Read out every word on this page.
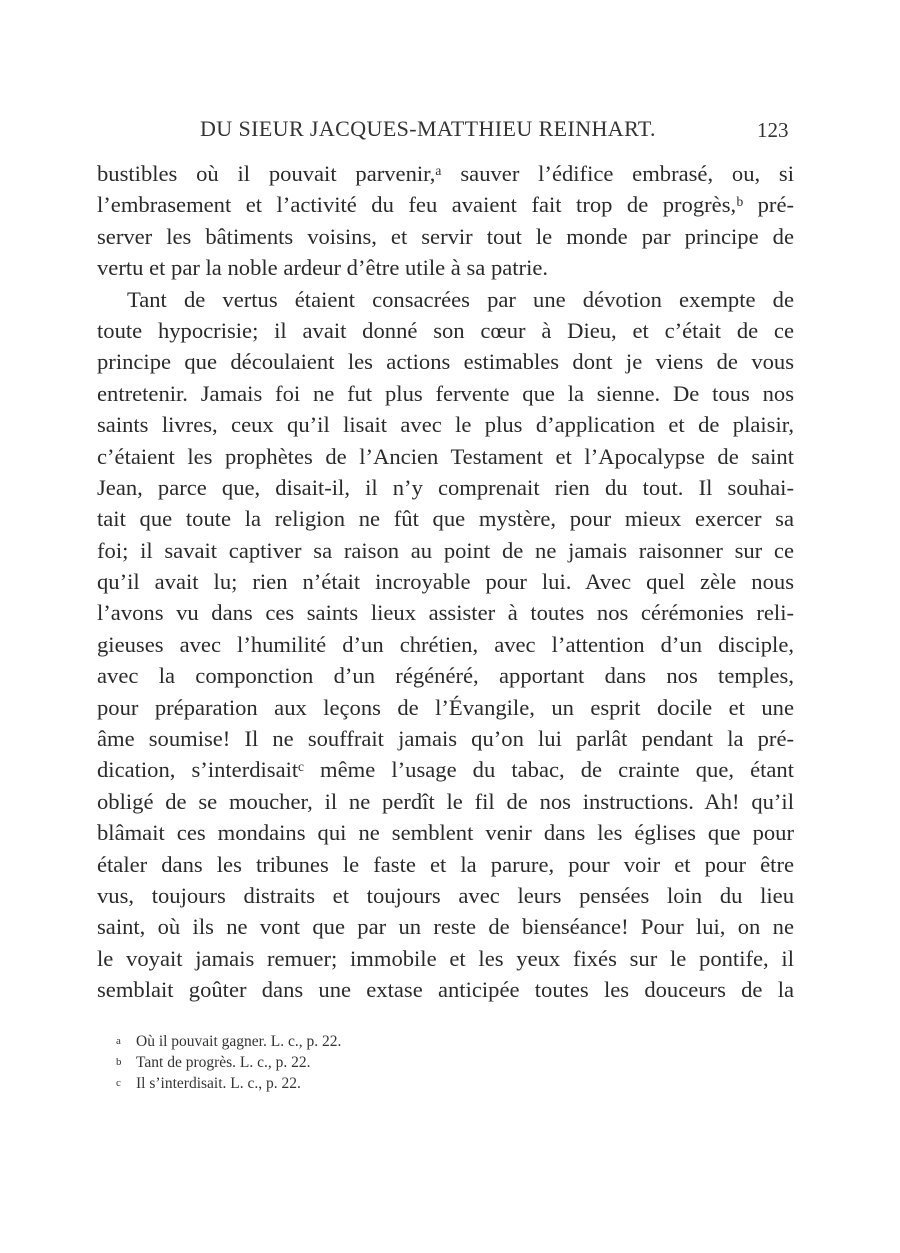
DU SIEUR JACQUES-MATTHIEU REINHART.	123
bustibles où il pouvait parvenir,ᵃ sauver l’édifice embrasé, ou, si
l’embrasement et l’activité du feu avaient fait trop de progrès,ᵇ pré-
server les bâtiments voisins, et servir tout le monde par principe de
vertu et par la noble ardeur d’être utile à sa patrie.
Tant de vertus étaient consacrées par une dévotion exempte de
toute hypocrisie; il avait donné son cœur à Dieu, et c’était de ce
principe que découlaient les actions estimables dont je viens de vous
entretenir. Jamais foi ne fut plus fervente que la sienne. De tous nos
saints livres, ceux qu’il lisait avec le plus d’application et de plaisir,
c’étaient les prophètes de l’Ancien Testament et l’Apocalypse de saint
Jean, parce que, disait-il, il n’y comprenait rien du tout. Il souhai-
tait que toute la religion ne fût que mystère, pour mieux exercer sa
foi; il savait captiver sa raison au point de ne jamais raisonner sur ce
qu’il avait lu; rien n’était incroyable pour lui. Avec quel zèle nous
l’avons vu dans ces saints lieux assister à toutes nos cérémonies reli-
gieuses avec l’humilité d’un chrétien, avec l’attention d’un disciple,
avec la componction d’un régénéré, apportant dans nos temples,
pour préparation aux leçons de l’Évangile, un esprit docile et une
âme soumise! Il ne souffrait jamais qu’on lui parlât pendant la pré-
dication, s’interdisaitᶜ même l’usage du tabac, de crainte que, étant
obligé de se moucher, il ne perdît le fil de nos instructions. Ah! qu’il
blâmait ces mondains qui ne semblent venir dans les églises que pour
étaler dans les tribunes le faste et la parure, pour voir et pour être
vus, toujours distraits et toujours avec leurs pensées loin du lieu
saint, où ils ne vont que par un reste de bienséance! Pour lui, on ne
le voyait jamais remuer; immobile et les yeux fixés sur le pontife, il
semblait goûter dans une extase anticipée toutes les douceurs de la
a Où il pouvait gagner. L. c., p. 22.
b Tant de progrès. L. c., p. 22.
c Il s’interdisait. L. c., p. 22.
